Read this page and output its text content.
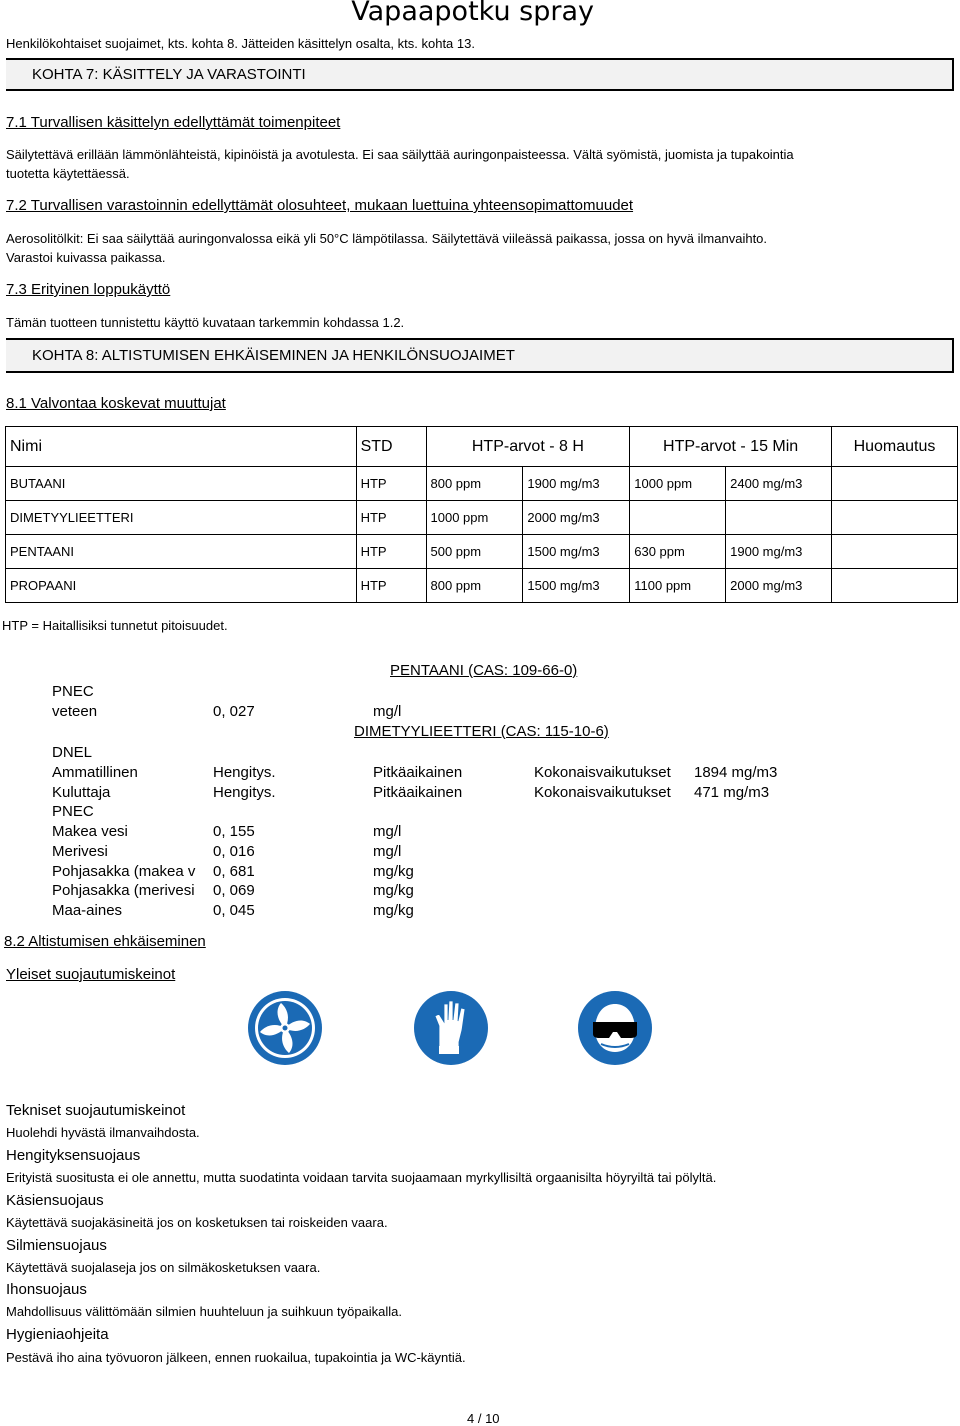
Vapaapotku spray
Henkilökohtaiset suojaimet, kts. kohta 8. Jätteiden käsittelyn osalta, kts. kohta 13.
KOHTA 7: KÄSITTELY JA VARASTOINTI
7.1 Turvallisen käsittelyn edellyttämät toimenpiteet
Säilytettävä erillään lämmönlähteistä, kipinöistä ja avotulesta. Ei saa säilyttää auringonpaisteessa. Vältä syömistä, juomista ja tupakointia
tuotetta käytettäessä.
7.2 Turvallisen varastoinnin edellyttämät olosuhteet, mukaan luettuina yhteensopimattomuudet
Aerosolitölkit: Ei saa säilyttää auringonvalossa eikä yli 50°C lämpötilassa. Säilytettävä viileässä paikassa, jossa on hyvä ilmanvaihto.
Varastoi kuivassa paikassa.
7.3 Erityinen loppukäyttö
Tämän tuotteen tunnistettu käyttö kuvataan tarkemmin kohdassa 1.2.
KOHTA 8: ALTISTUMISEN EHKÄISEMINEN JA HENKILÖNSUOJAIMET
8.1 Valvontaa koskevat muuttujat
Nimi	STD	HTP-arvot - 8 H		HTP-arvot - 15 Min		Huomautus
BUTAANI	HTP	800 ppm	1900 mg/m3	1000 ppm	2400 mg/m3	
DIMETYYLIEETTERI	HTP	1000 ppm	2000 mg/m3			
PENTAANI	HTP	500 ppm	1500 mg/m3	630 ppm	1900 mg/m3	
PROPAANI	HTP	800 ppm	1500 mg/m3	1100 ppm	2000 mg/m3	
HTP = Haitallisiksi tunnetut pitoisuudet.
PENTAANI (CAS: 109-66-0)
PNEC
veteen	0, 027	mg/l
DIMETYYLIEETTERI (CAS: 115-10-6)
DNEL
Ammatillinen	Hengitys.	Pitkäaikainen	Kokonaisvaikutukset 1894 mg/m3
Kuluttaja	Hengitys.	Pitkäaikainen	Kokonaisvaikutukset 471 mg/m3
PNEC
Makea vesi	0, 155	mg/l
Merivesi	0, 016	mg/l
Pohjasakka (makea v	0, 681	mg/kg
Pohjasakka (merivesi	0, 069	mg/kg
Maa-aines	0, 045	mg/kg
8.2 Altistumisen ehkäiseminen
Yleiset suojautumiskeinot
Tekniset suojautumiskeinot
Huolehdi hyvästä ilmanvaihdosta.
Hengityksensuojaus
Erityistä suositusta ei ole annettu, mutta suodatinta voidaan tarvita suojaamaan myrkyllisiltä orgaanisilta höyryiltä tai pölyltä.
Käsiensuojaus
Käytettävä suojakäsineitä jos on kosketuksen tai roiskeiden vaara.
Silmiensuojaus
Käytettävä suojalaseja jos on silmäkosketuksen vaara.
Ihonsuojaus
Mahdollisuus välittömään silmien huuhteluun ja suihkuun työpaikalla.
Hygieniaohjeita
Pestävä iho aina työvuoron jälkeen, ennen ruokailua, tupakointia ja WC-käyntiä.
4 / 10
